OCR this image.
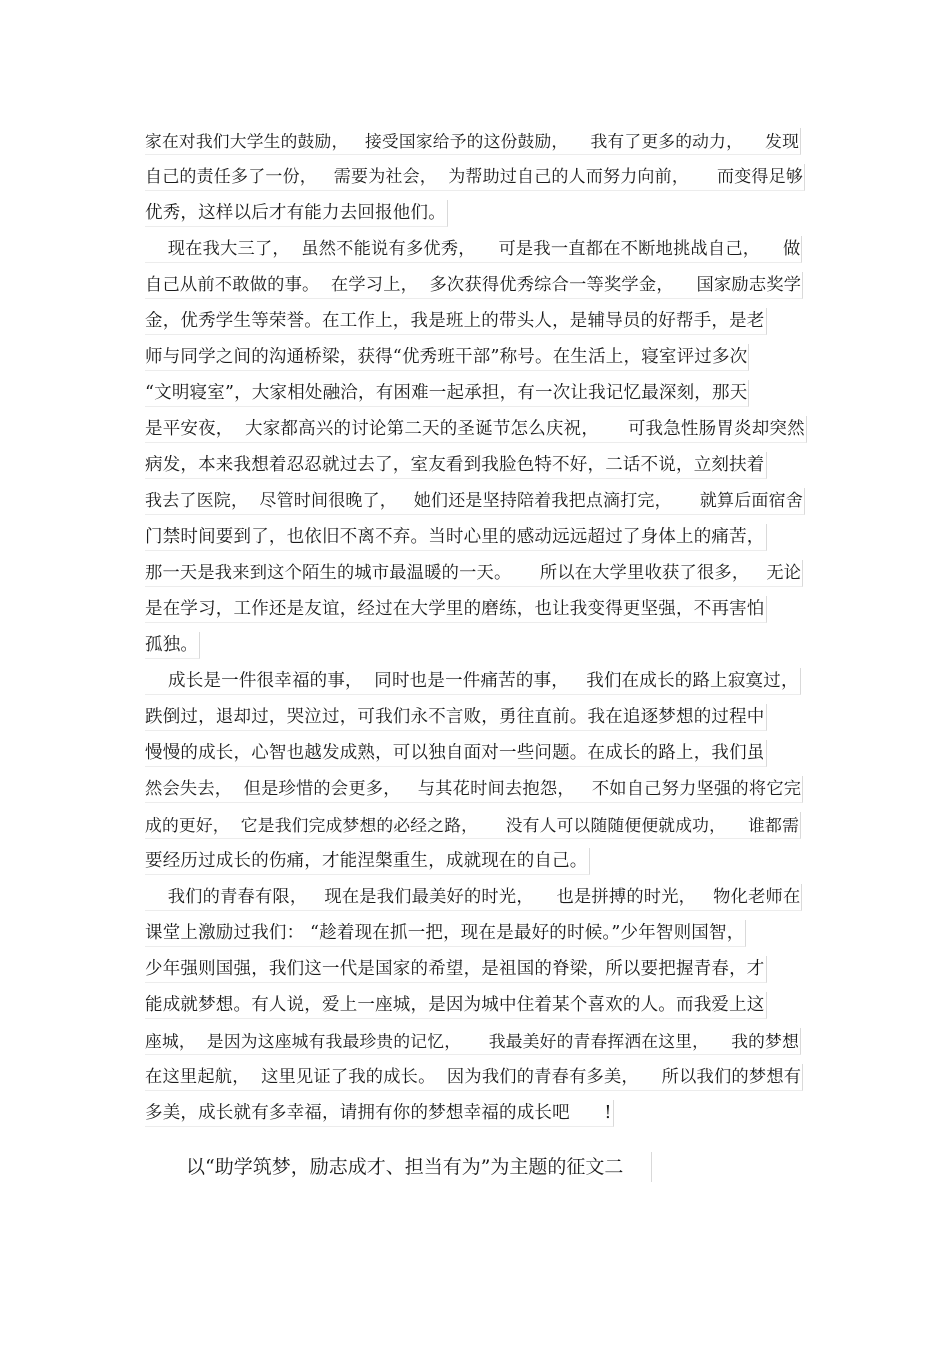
家在对我们大学生的鼓励，   接受国家给予的这份鼓励，    我有了更多的动力，    发现
自己的责任多了一份，   需要为社会，  为帮助过自己的人而努力向前，     而变得足够
优秀，这样以后才有能力去回报他们。
现在我大三了，  虽然不能说有多优秀，    可是我一直都在不断地挑战自己，    做
自己从前不敢做的事。  在学习上，  多次获得优秀综合一等奖学金，    国家励志奖学
金，优秀学生等荣誉。在工作上，我是班上的带头人，是辅导员的好帮手，是老
师与同学之间的沟通桥梁，获得“优秀班干部”称号。在生活上，寝室评过多次
“文明寝室”，大家相处融洽，有困难一起承担，有一次让我记忆最深刻，那天
是平安夜，  大家都高兴的讨论第二天的圣诞节怎么庆祝，     可我急性肠胃炎却突然
病发，本来我想着忍忍就过去了，室友看到我脸色特不好，二话不说，立刻扶着
我去了医院，  尽管时间很晚了，   她们还是坚持陪着我把点滴打完，     就算后面宿舍
门禁时间要到了，也依旧不离不弃。当时心里的感动远远超过了身体上的痛苦，
那一天是我来到这个陌生的城市最温暖的一天。     所以在大学里收获了很多，   无论
是在学习，工作还是友谊，经过在大学里的磨练，也让我变得更坚强，不再害怕
孤独。
成长是一件很幸福的事，  同时也是一件痛苦的事，   我们在成长的路上寂寞过，
跌倒过，退却过，哭泣过，可我们永不言败，勇往直前。我在追逐梦想的过程中
慢慢的成长，心智也越发成熟，可以独自面对一些问题。在成长的路上，我们虽
然会失去，  但是珍惜的会更多，   与其花时间去抱怨，   不如自己努力坚强的将它完
成的更好，  它是我们完成梦想的必经之路，     没有人可以随随便便就成功，    谁都需
要经历过成长的伤痛，才能涅槃重生，成就现在的自己。
我们的青春有限，   现在是我们最美好的时光，    也是拼搏的时光，   物化老师在
课堂上激励过我们： “趁着现在抓一把，现在是最好的时候。”少年智则国智，
少年强则国强，我们这一代是国家的希望，是祖国的脊梁，所以要把握青春，才
能成就梦想。有人说，爱上一座城，是因为城中住着某个喜欢的人。而我爱上这
座城，  是因为这座城有我最珍贵的记忆，     我最美好的青春挥洒在这里，    我的梦想
在这里起航，  这里见证了我的成长。  因为我们的青春有多美，    所以我们的梦想有
多美，成长就有多幸福，请拥有你的梦想幸福的成长吧      !
以“助学筑梦，励志成才、担当有为”为主题的征文二
